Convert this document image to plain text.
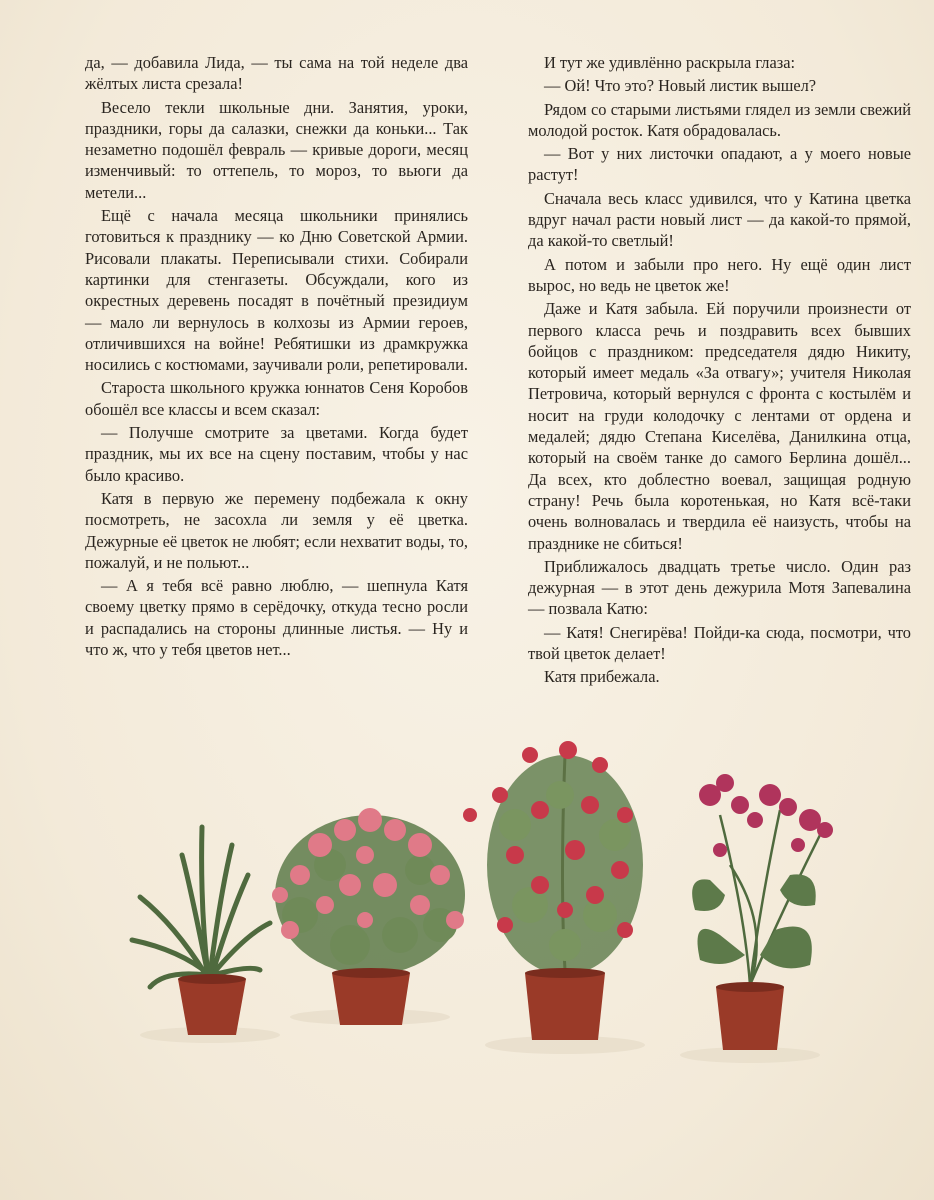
да, — добавила Лида, — ты сама на той неделе два жёлтых листа срезала!

Весело текли школьные дни. Занятия, уроки, праздники, горы да салазки, снежки да коньки... Так незаметно подошёл февраль — кривые дороги, месяц изменчивый: то оттепель, то мороз, то вьюги да метели...

Ещё с начала месяца школьники принялись готовиться к празднику — ко Дню Советской Армии. Рисовали плакаты. Переписывали стихи. Собирали картинки для стенгазеты. Обсуждали, кого из окрестных деревень посадят в почётный президиум — мало ли вернулось в колхозы из Армии героев, отличившихся на войне! Ребятишки из драмкружка носились с костюмами, заучивали роли, репетировали.

Староста школьного кружка юннатов Сеня Коробов обошёл все классы и всем сказал:

— Получше смотрите за цветами. Когда будет праздник, мы их все на сцену поставим, чтобы у нас было красиво.

Катя в первую же перемену подбежала к окну посмотреть, не засохла ли земля у её цветка. Дежурные её цветок не любят; если нехватит воды, то, пожалуй, и не польют...

— А я тебя всё равно люблю, — шепнула Катя своему цветку прямо в серёдочку, откуда тесно росли и распадались на стороны длинные листья. — Ну и что ж, что у тебя цветов нет...

И тут же удивлённо раскрыла глаза:

— Ой! Что это? Новый листик вышел?

Рядом со старыми листьями глядел из земли свежий молодой росток. Катя обрадовалась.

— Вот у них листочки опадают, а у моего новые растут!

Сначала весь класс удивился, что у Катина цветка вдруг начал расти новый лист — да какой-то прямой, да какой-то светлый!

А потом и забыли про него. Ну ещё один лист вырос, но ведь не цветок же!

Даже и Катя забыла. Ей поручили произнести от первого класса речь и поздравить всех бывших бойцов с праздником: председателя дядю Никиту, который имеет медаль «За отвагу»; учителя Николая Петровича, который вернулся с фронта с костылём и носит на груди колодочку с лентами от ордена и медалей; дядю Степана Киселёва, Данилкина отца, который на своём танке до самого Берлина дошёл... Да всех, кто доблестно воевал, защищая родную страну! Речь была коротенькая, но Катя всё-таки очень волновалась и твердила её наизусть, чтобы на празднике не сбиться!

Приближалось двадцать третье число. Один раз дежурная — в этот день дежурила Мотя Запевалина — позвала Катю:

— Катя! Снегирёва! Пойди-ка сюда, посмотри, что твой цветок делает!

Катя прибежала.
